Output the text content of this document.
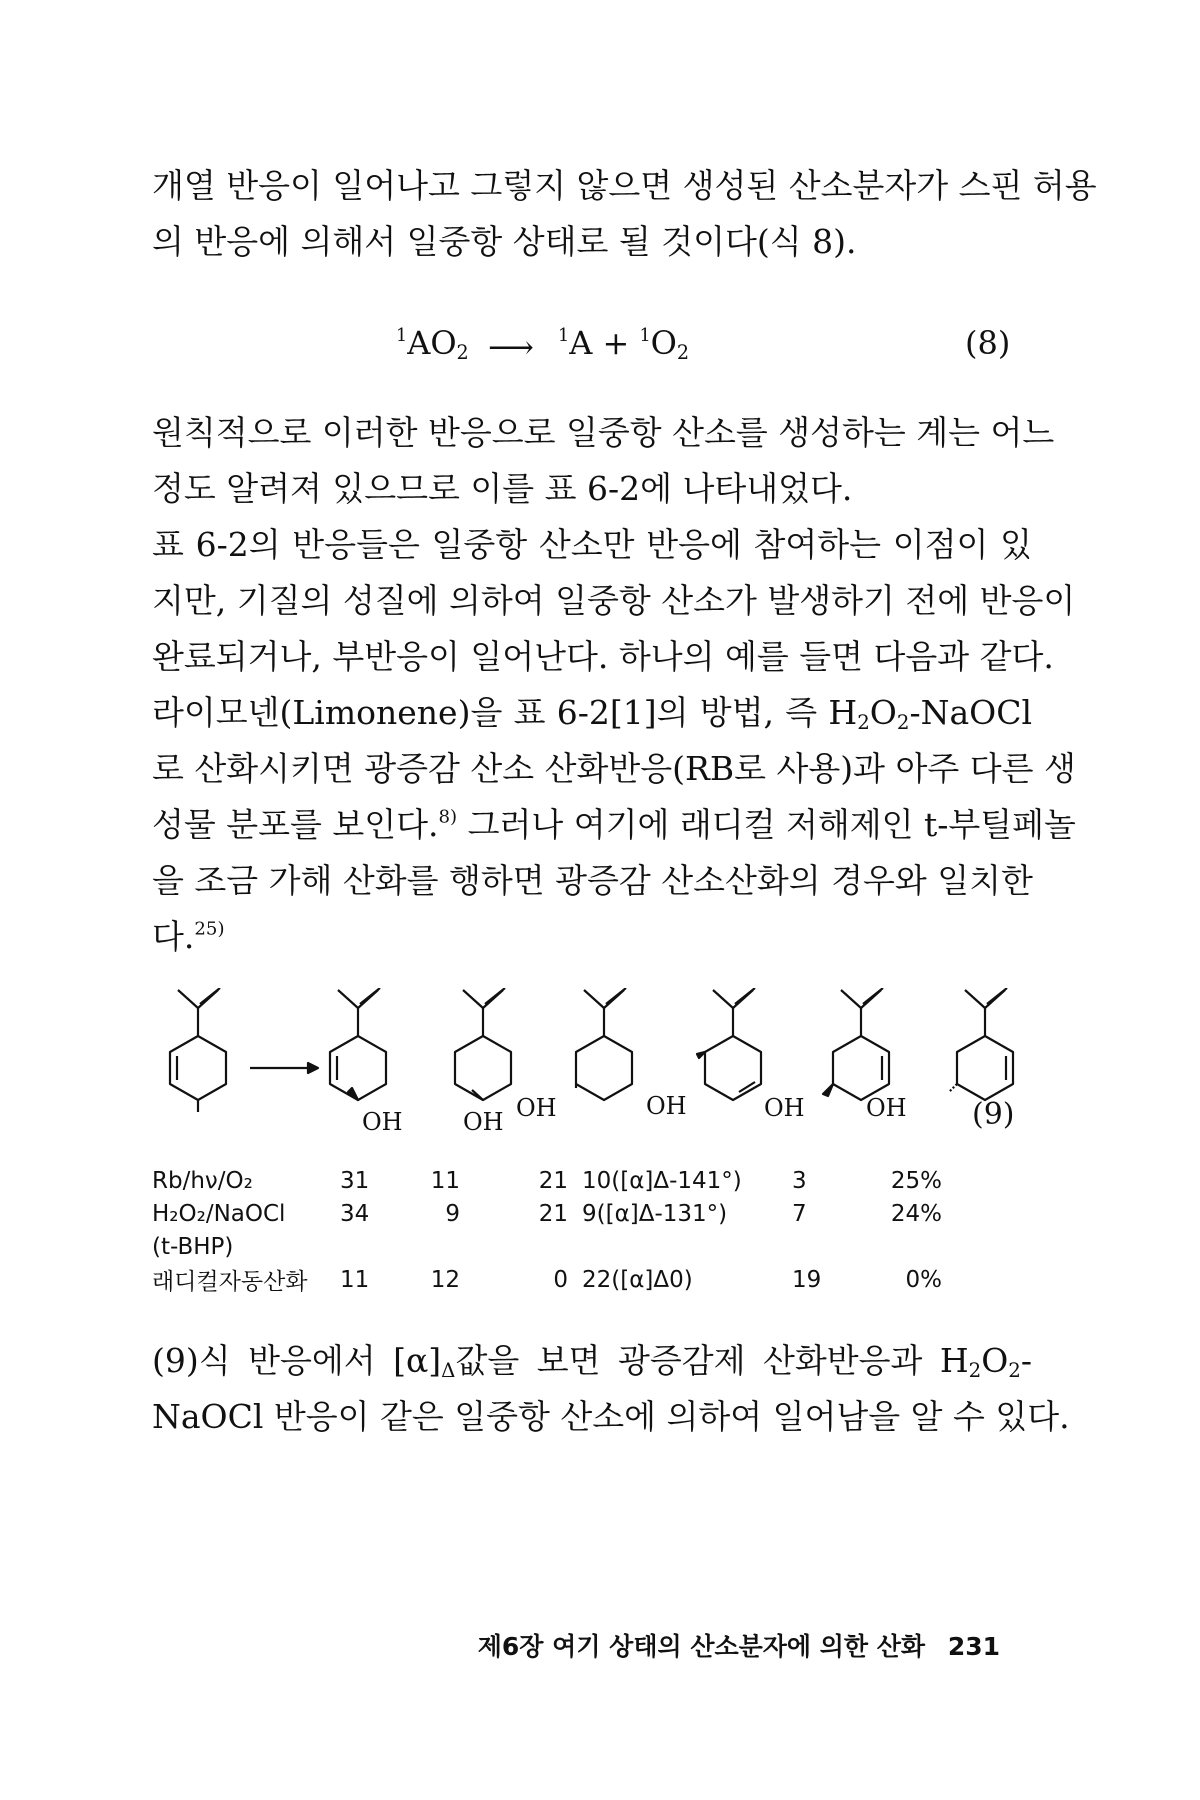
개열 반응이 일어나고 그렇지 않으면 생성된 산소분자가 스핀 허용
의 반응에 의해서 일중항 상태로 될 것이다(식 8).

$^1AO_2$ ⟶ $^1A + ^1O_2$	(8)

원칙적으로 이러한 반응으로 일중항 산소를 생성하는 계는 어느
정도 알려져 있으므로 이를 표 6-2에 나타내었다.

표 6-2의 반응들은 일중항 산소만 반응에 참여하는 이점이 있
지만, 기질의 성질에 의하여 일중항 산소가 발생하기 전에 반응이
완료되거나, 부반응이 일어난다. 하나의 예를 들면 다음과 같다.

라이모넨(Limonene)을 표 6-2[1]의 방법, 즉 $H_2O_2$-NaOCl
로 산화시키면 광증감 산소 산화반응(RB로 사용)과 아주 다른 생
성물 분포를 보인다.$^{8)}$ 그러나 여기에 래디컬 저해제인 t-부틸페놀
을 조금 가해 산화를 행하면 광증감 산소산화의 경우와 일치한
다.$^{25)}$

OH	OH OH	OH	OH	OH (9)
Rb/hν/O₂	31	11	21	10([α]Δ-141°)	3	25%
H₂O₂/NaOCl	34	9	21	9([α]Δ-131°)	7	24%
(t-BHP)						
래디컬자동산화	11	12	0	22([α]Δ0)	19	0%

(9)식 반응에서 $[\alpha]_\Delta$값을 보면 광증감제 산화반응과 $H_2O_2-$
NaOCl 반응이 같은 일중항 산소에 의하여 일어남을 알 수 있다.

제6장 여기 상태의 산소분자에 의한 산화 231
